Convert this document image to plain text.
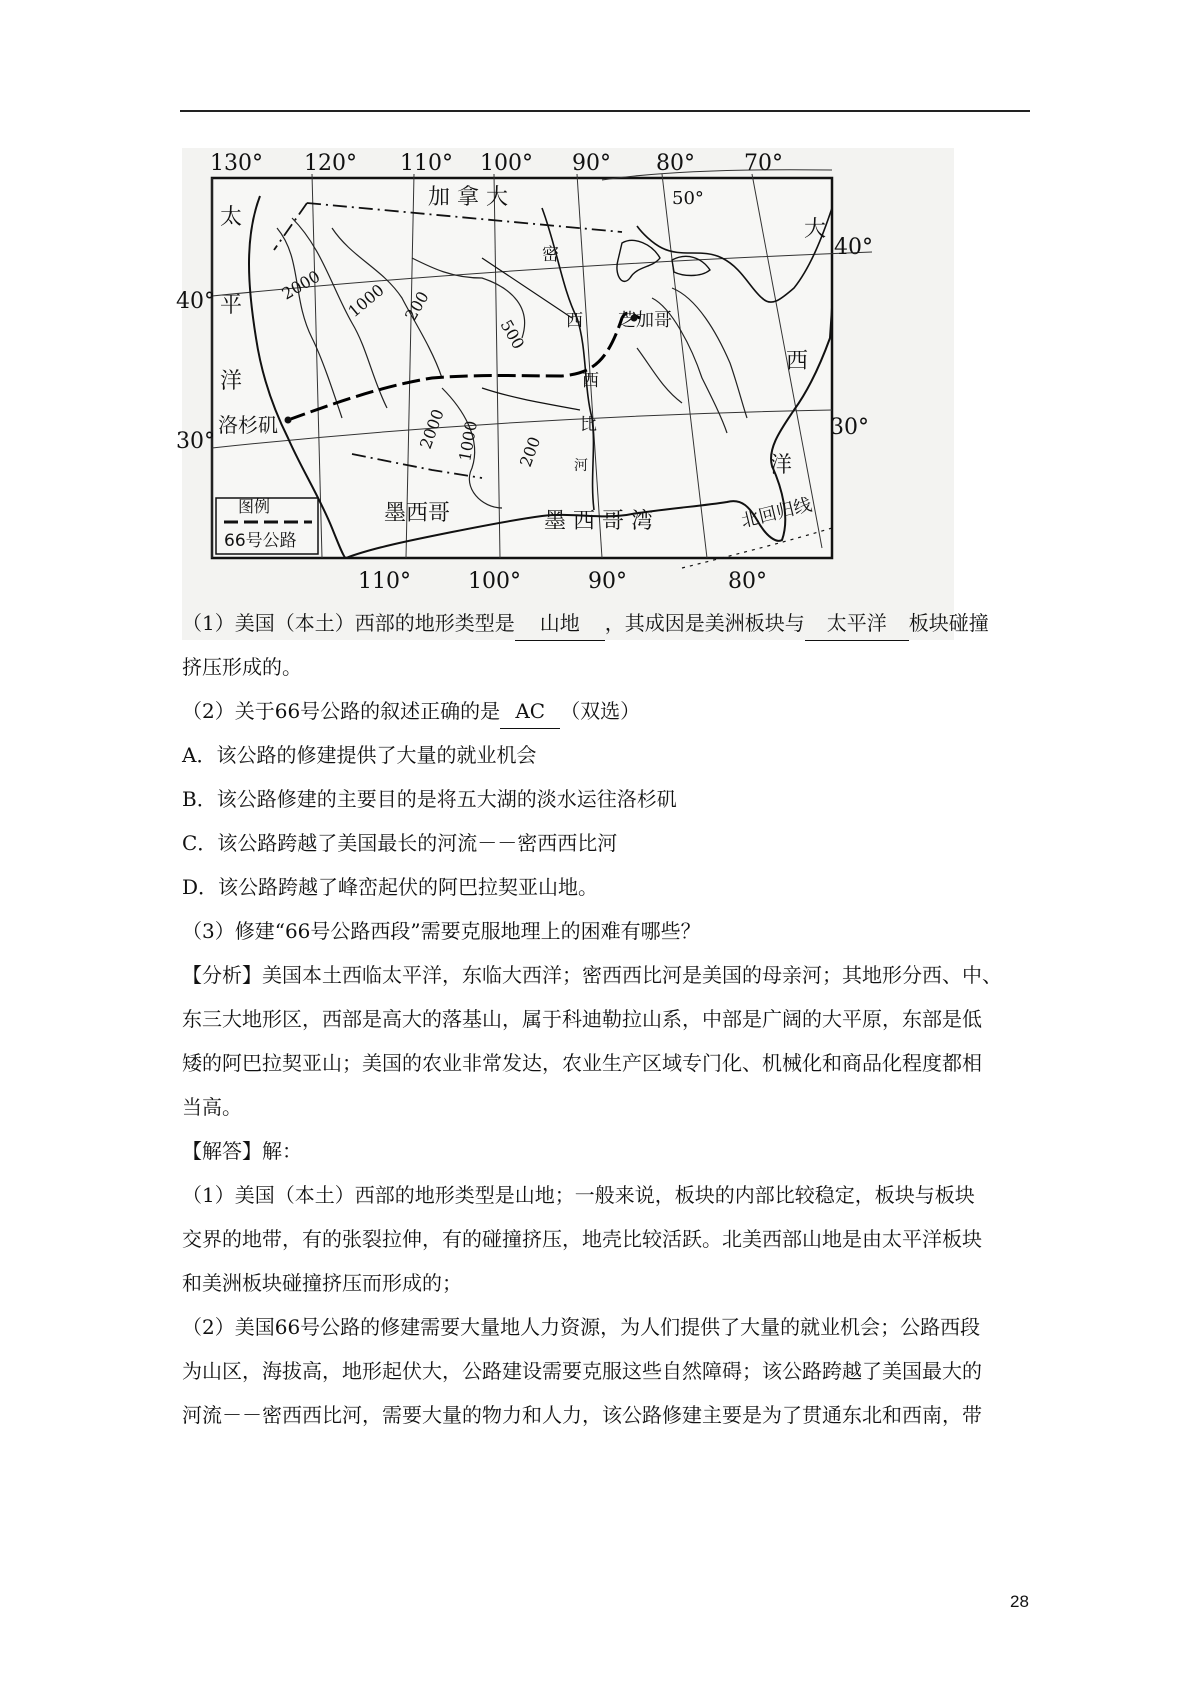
130° 120° 110° 100° 90° 80° 70°
110°	100°	90°	80°
40°
30°
40°
30°
50°
加 拿 大
太
平
洋
大
西
洋
密
西
西
比
河
芝加哥
洛杉矶
墨西哥	墨 西 哥 湾	北回归线
2000 1000 200
500
2000 1000 200
图例
66号公路
（1）美国（本土）西部的地形类型是 山地 ，其成因是美洲板块与 太平洋 板块碰撞
挤压形成的。
（2）关于66号公路的叙述正确的是 AC （双选）
A．该公路的修建提供了大量的就业机会
B．该公路修建的主要目的是将五大湖的淡水运往洛杉矶
C．该公路跨越了美国最长的河流－－密西西比河
D．该公路跨越了峰峦起伏的阿巴拉契亚山地。
（3）修建“66号公路西段”需要克服地理上的困难有哪些？
【分析】美国本土西临太平洋，东临大西洋；密西西比河是美国的母亲河；其地形分西、中、
东三大地形区，西部是高大的落基山，属于科迪勒拉山系，中部是广阔的大平原，东部是低
矮的阿巴拉契亚山；美国的农业非常发达，农业生产区域专门化、机械化和商品化程度都相
当高。
【解答】解：
（1）美国（本土）西部的地形类型是山地；一般来说，板块的内部比较稳定，板块与板块
交界的地带，有的张裂拉伸，有的碰撞挤压，地壳比较活跃。北美西部山地是由太平洋板块
和美洲板块碰撞挤压而形成的；
（2）美国66号公路的修建需要大量地人力资源，为人们提供了大量的就业机会；公路西段
为山区，海拔高，地形起伏大，公路建设需要克服这些自然障碍；该公路跨越了美国最大的
河流－－密西西比河，需要大量的物力和人力，该公路修建主要是为了贯通东北和西南，带
28
